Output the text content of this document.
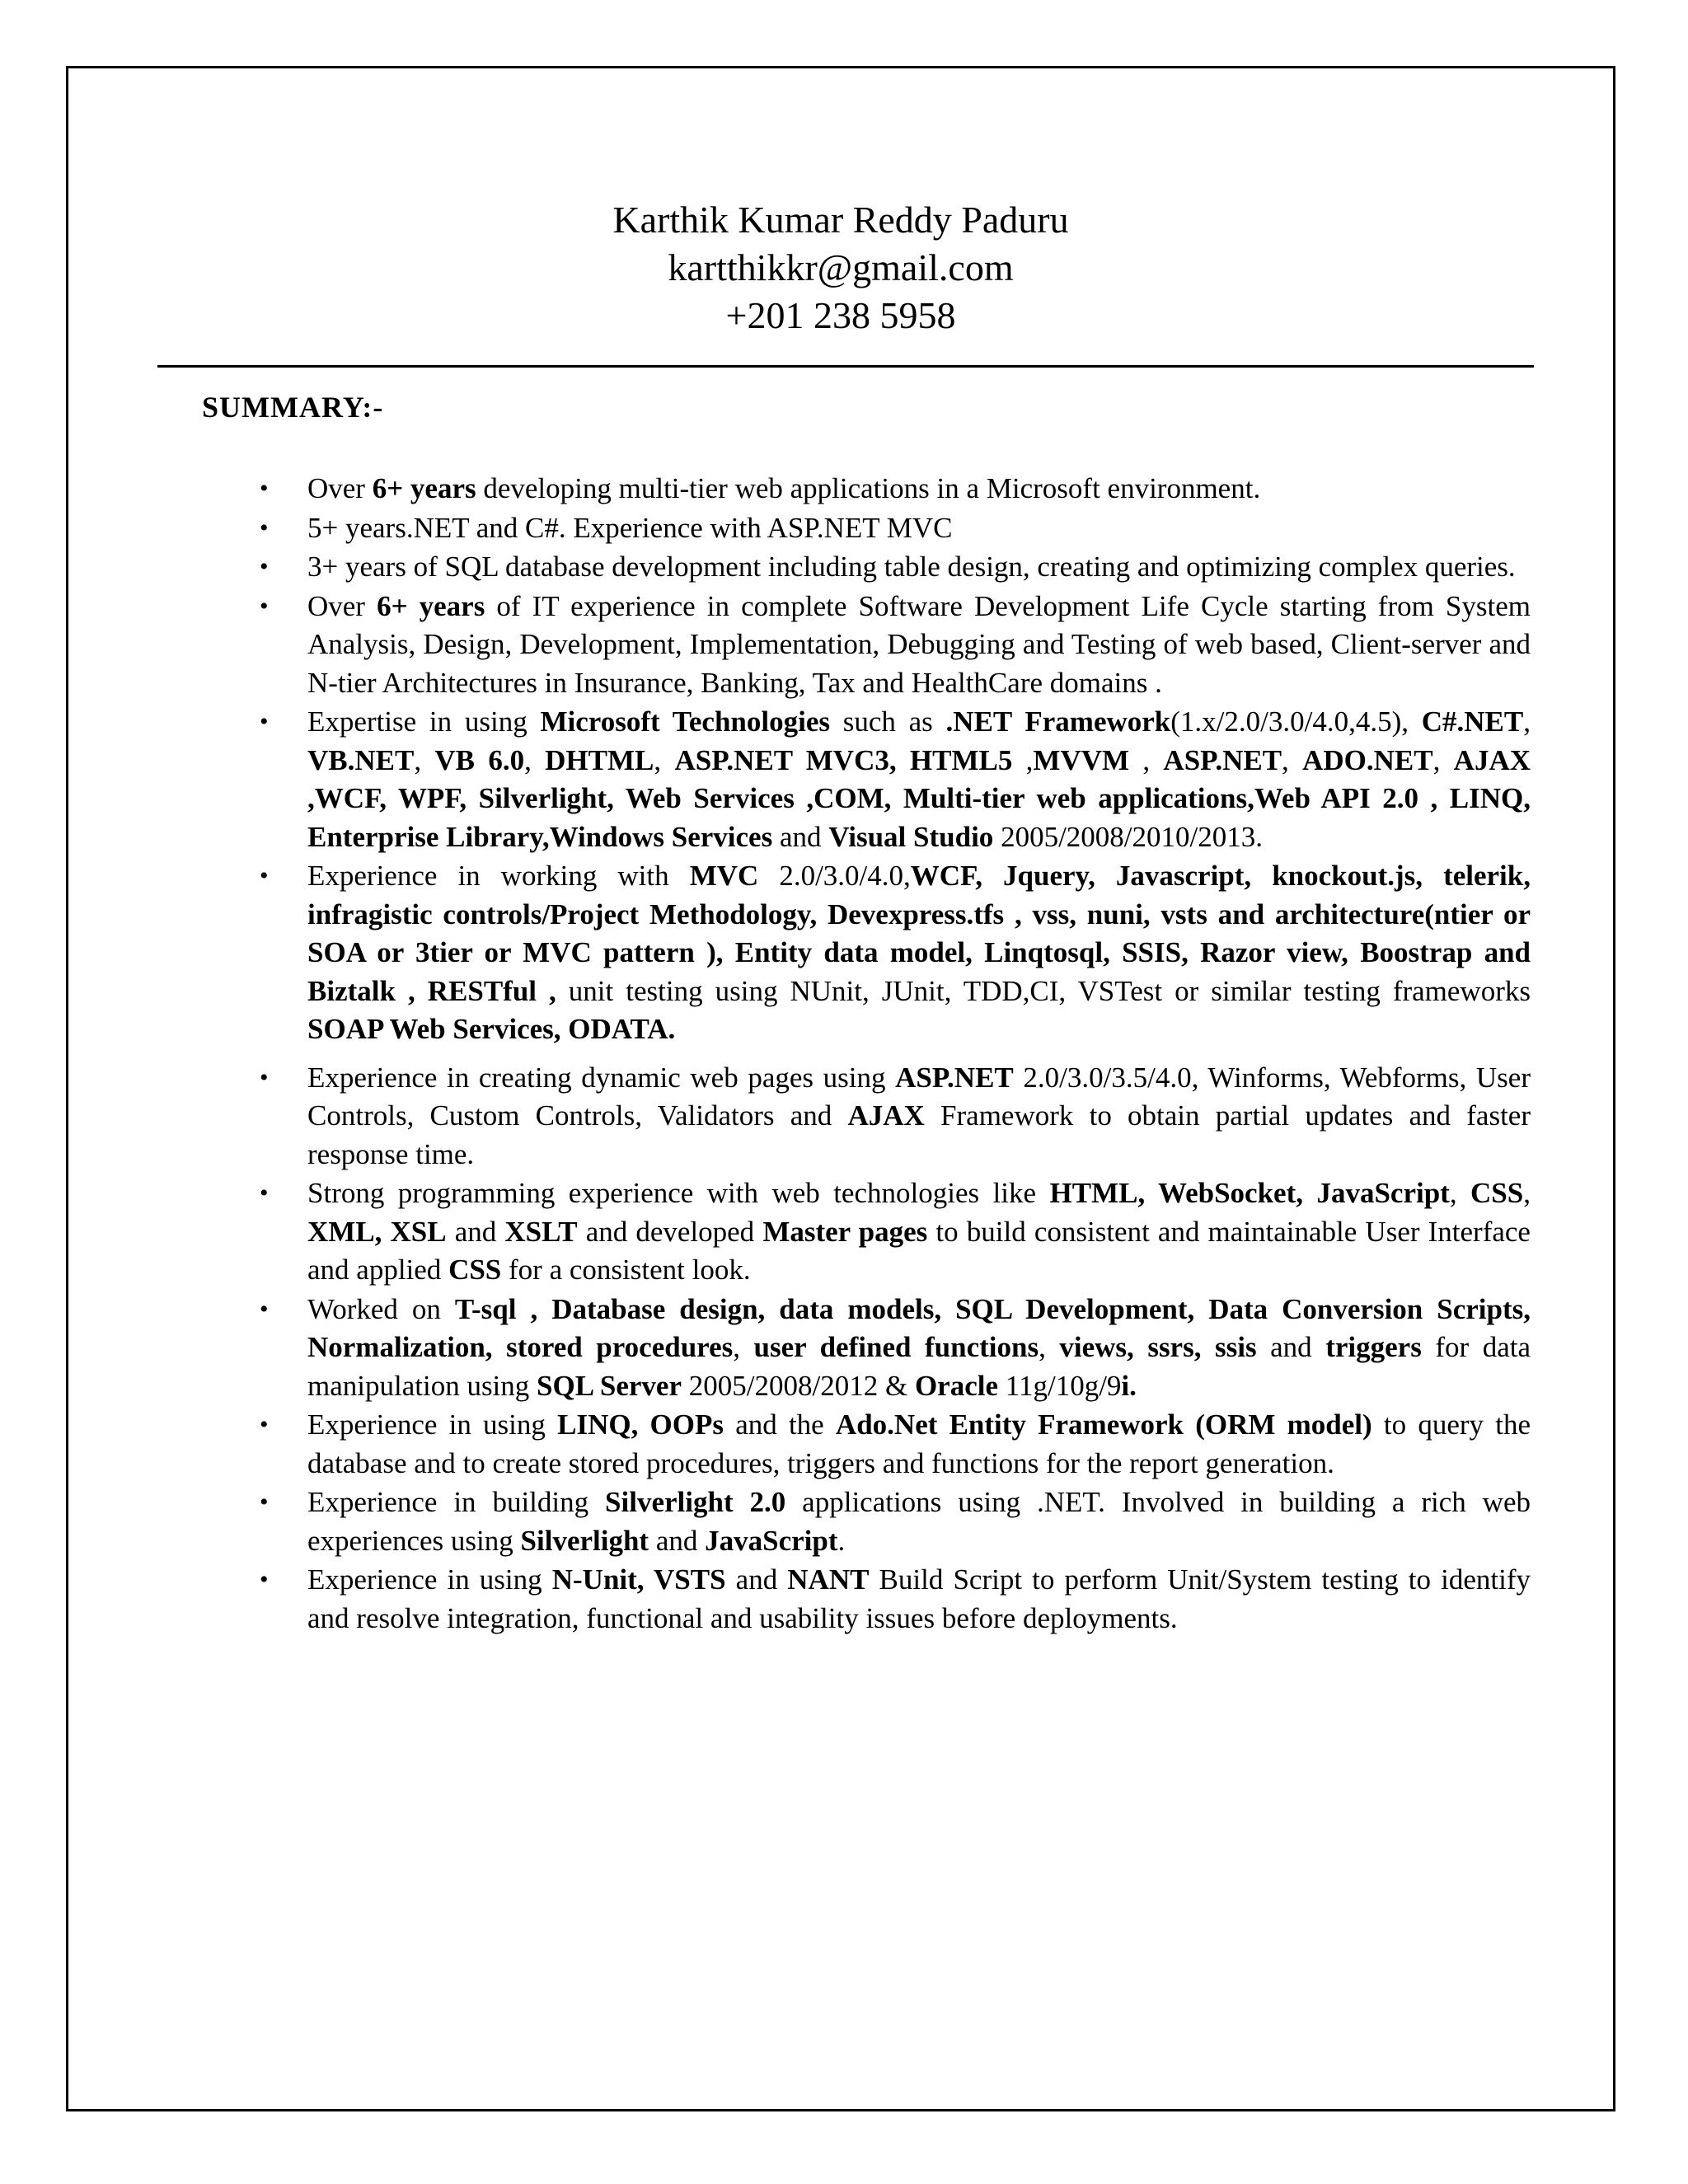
Karthik Kumar Reddy Paduru
kartthikkr@gmail.com
+201 238 5958
SUMMARY:-
• Over 6+ years developing multi-tier web applications in a Microsoft environment.
• 5+ years.NET and C#. Experience with ASP.NET MVC
• 3+ years of SQL database development including table design, creating and optimizing complex queries.
• Over 6+ years of IT experience in complete Software Development Life Cycle starting from System Analysis, Design, Development, Implementation, Debugging and Testing of web based, Client-server and N-tier Architectures in Insurance, Banking, Tax and HealthCare domains .
• Expertise in using Microsoft Technologies such as .NET Framework(1.x/2.0/3.0/4.0,4.5), C#.NET, VB.NET, VB 6.0, DHTML, ASP.NET MVC3, HTML5 ,MVVM , ASP.NET, ADO.NET, AJAX ,WCF, WPF, Silverlight, Web Services ,COM, Multi-tier web applications,Web API 2.0 , LINQ, Enterprise Library,Windows Services and Visual Studio 2005/2008/2010/2013.
• Experience in working with MVC 2.0/3.0/4.0,WCF, Jquery, Javascript, knockout.js, telerik, infragistic controls/Project Methodology, Devexpress.tfs , vss, nuni, vsts and architecture(ntier or SOA or 3tier or MVC pattern ), Entity data model, Linqtosql, SSIS, Razor view, Boostrap and Biztalk , RESTful , unit testing using NUnit, JUnit, TDD,CI, VSTest or similar testing frameworks SOAP Web Services, ODATA.
• Experience in creating dynamic web pages using ASP.NET 2.0/3.0/3.5/4.0, Winforms, Webforms, User Controls, Custom Controls, Validators and AJAX Framework to obtain partial updates and faster response time.
• Strong programming experience with web technologies like HTML, WebSocket, JavaScript, CSS, XML, XSL and XSLT and developed Master pages to build consistent and maintainable User Interface and applied CSS for a consistent look.
• Worked on T-sql , Database design, data models, SQL Development, Data Conversion Scripts, Normalization, stored procedures, user defined functions, views, ssrs, ssis and triggers for data manipulation using SQL Server 2005/2008/2012 & Oracle 11g/10g/9i.
• Experience in using LINQ, OOPs and the Ado.Net Entity Framework (ORM model) to query the database and to create stored procedures, triggers and functions for the report generation.
• Experience in building Silverlight 2.0 applications using .NET. Involved in building a rich web experiences using Silverlight and JavaScript.
• Experience in using N-Unit, VSTS and NANT Build Script to perform Unit/System testing to identify and resolve integration, functional and usability issues before deployments.
